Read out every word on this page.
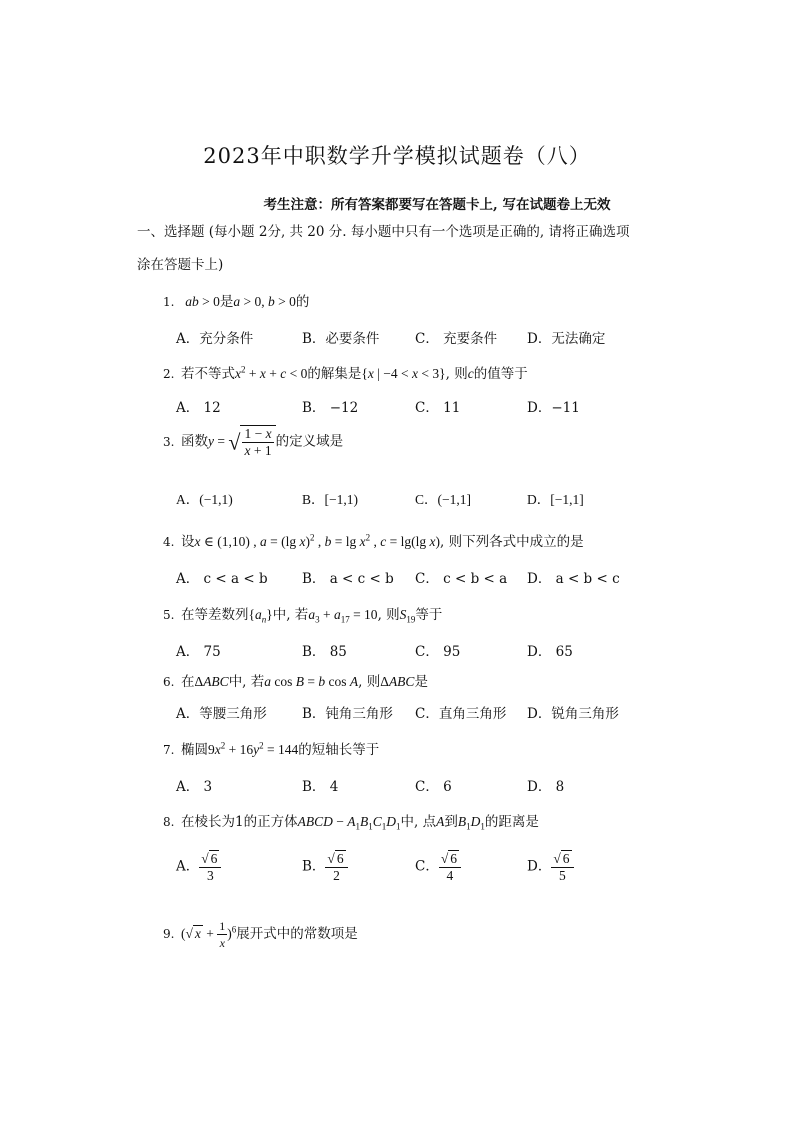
2023年中职数学升学模拟试题卷（八）
考生注意：所有答案都要写在答题卡上, 写在试题卷上无效
一、选择题 (每小题 2分, 共 20 分. 每小题中只有一个选项是正确的, 请将正确选项
涂在答题卡上)
1. ab > 0是a > 0, b > 0的
A．充分条件	B．必要条件	C． 充要条件 D．无法确定
2. 若不等式$x^2 + x + c < 0$的解集是{x | −4 < x < 3}, 则c的值等于
A． 12	B． −12	C． 11	D．−11
3. 函数y = √ $\frac{1 - x}{x + 1}$ 的定义域是
A．(−1,1)	B．[−1,1)	C．(−1,1]	D．[−1,1]
4. 设x ∈ (1,10) , a = (lg x)$^2$ , $b = \lg x^2$ , c = lg(lg x), 则下列各式中成立的是
A． c < a < b	B． a < c < b C． c < b < a D． a < b < c
5. 在等差数列$\{a_n\}$中, 若$a_3 + a_{17} = 10$, 则$S_{19}$等于
A． 75	B． 85	C． 95	D． 65
6. 在ΔABC中, 若a cos B = b cos A, 则ΔABC是
A．等腰三角形	B．钝角三角形 C．直角三角形 D．锐角三角形
7. 椭圆$9x^2 + 16y^2 = 144$的短轴长等于
A． 3	B． 4	C． 6	D． 8
8. 在棱长为1的正方体ABCD − $A_1B_1C_1D_1$中, 点A到$B_1D_1$的距离是
A． $\frac{√ 6}{3}$	B． $\frac{√ 6}{2}$	C． $\frac{√ 6}{4}$	D． $\frac{√ 6}{5}$
9. (√ $x + \frac{1}{x} )^6$展开式中的常数项是
